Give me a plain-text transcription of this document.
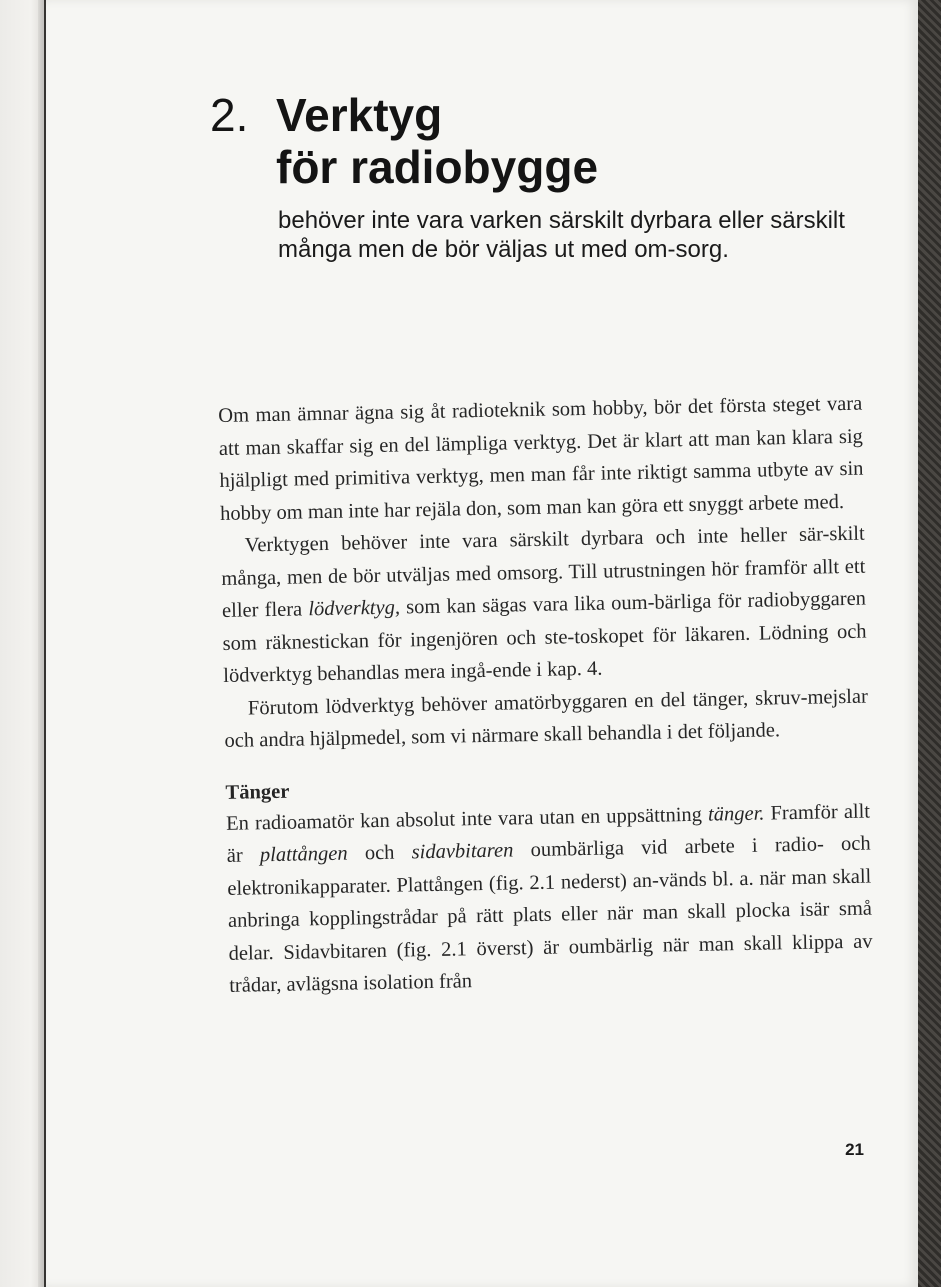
2. Verktyg
för radiobygge
behöver inte vara varken särskilt dyrbara eller särskilt många men de bör väljas ut med om-sorg.

Om man ämnar ägna sig åt radioteknik som hobby, bör det första steget vara att man skaffar sig en del lämpliga verktyg. Det är klart att man kan klara sig hjälpligt med primitiva verktyg, men man får inte riktigt samma utbyte av sin hobby om man inte har rejäla don, som man kan göra ett snyggt arbete med.

Verktygen behöver inte vara särskilt dyrbara och inte heller sär-skilt många, men de bör utväljas med omsorg. Till utrustningen hör framför allt ett eller flera lödverktyg, som kan sägas vara lika oum-bärliga för radiobyggaren som räknestickan för ingenjören och ste-toskopet för läkaren. Lödning och lödverktyg behandlas mera ingå-ende i kap. 4.

Förutom lödverktyg behöver amatörbyggaren en del tänger, skruv-mejslar och andra hjälpmedel, som vi närmare skall behandla i det följande.

Tänger

En radioamatör kan absolut inte vara utan en uppsättning tänger. Framför allt är plattången och sidavbitaren oumbärliga vid arbete i radio- och elektronikapparater. Plattången (fig. 2.1 nederst) an-vänds bl. a. när man skall anbringa kopplingstrådar på rätt plats eller när man skall plocka isär små delar. Sidavbitaren (fig. 2.1 överst) är oumbärlig när man skall klippa av trådar, avlägsna isolation från

21
